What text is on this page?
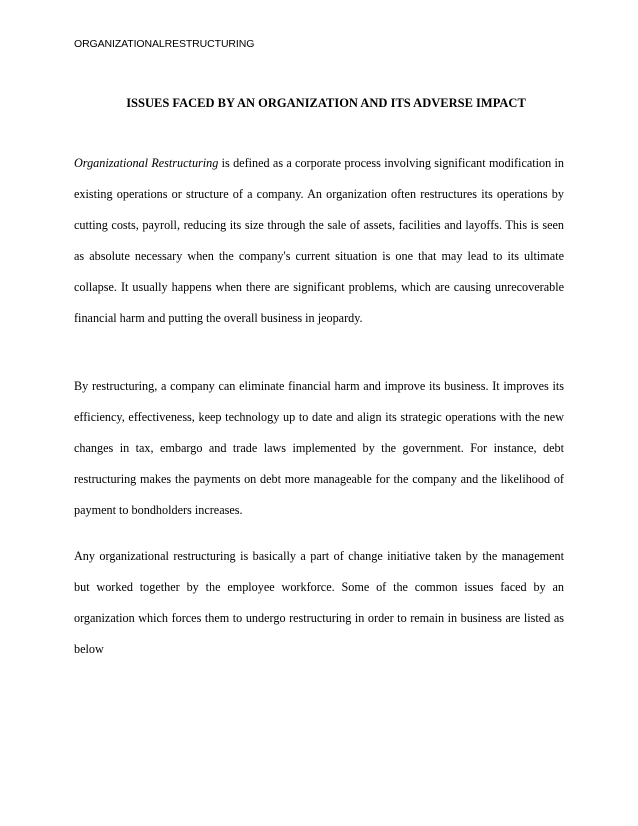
ORGANIZATIONALRESTRUCTURING
ISSUES FACED BY AN ORGANIZATION AND ITS ADVERSE IMPACT

Organizational Restructuring is defined as a corporate process involving significant modification in existing operations or structure of a company. An organization often restructures its operations by cutting costs, payroll, reducing its size through the sale of assets, facilities and layoffs. This is seen as absolute necessary when the company's current situation is one that may lead to its ultimate collapse. It usually happens when there are significant problems, which are causing unrecoverable financial harm and putting the overall business in jeopardy.

By restructuring, a company can eliminate financial harm and improve its business. It improves its efficiency, effectiveness, keep technology up to date and align its strategic operations with the new changes in tax, embargo and trade laws implemented by the government. For instance, debt restructuring makes the payments on debt more manageable for the company and the likelihood of payment to bondholders increases.

Any organizational restructuring is basically a part of change initiative taken by the management but worked together by the employee workforce. Some of the common issues faced by an organization which forces them to undergo restructuring in order to remain in business are listed as below
